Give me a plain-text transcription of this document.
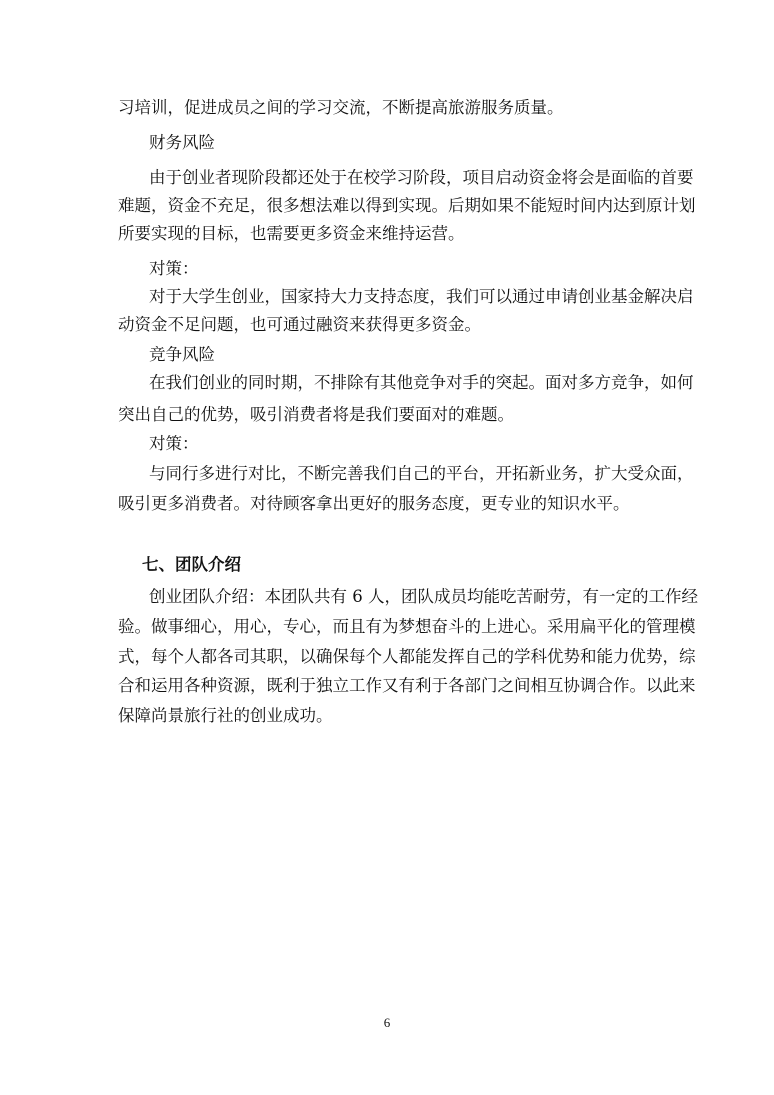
习培训，促进成员之间的学习交流，不断提高旅游服务质量。
财务风险
由于创业者现阶段都还处于在校学习阶段，项目启动资金将会是面临的首要
难题，资金不充足，很多想法难以得到实现。后期如果不能短时间内达到原计划
所要实现的目标，也需要更多资金来维持运营。
对策：
对于大学生创业，国家持大力支持态度，我们可以通过申请创业基金解决启
动资金不足问题，也可通过融资来获得更多资金。
竞争风险
在我们创业的同时期，不排除有其他竞争对手的突起。面对多方竞争，如何
突出自己的优势，吸引消费者将是我们要面对的难题。
对策：
与同行多进行对比，不断完善我们自己的平台，开拓新业务，扩大受众面，
吸引更多消费者。对待顾客拿出更好的服务态度，更专业的知识水平。
七、团队介绍
创业团队介绍：本团队共有 6 人，团队成员均能吃苦耐劳，有一定的工作经
验。做事细心，用心，专心，而且有为梦想奋斗的上进心。采用扁平化的管理模
式，每个人都各司其职，以确保每个人都能发挥自己的学科优势和能力优势，综
合和运用各种资源，既利于独立工作又有利于各部门之间相互协调合作。以此来
保障尚景旅行社的创业成功。
6
